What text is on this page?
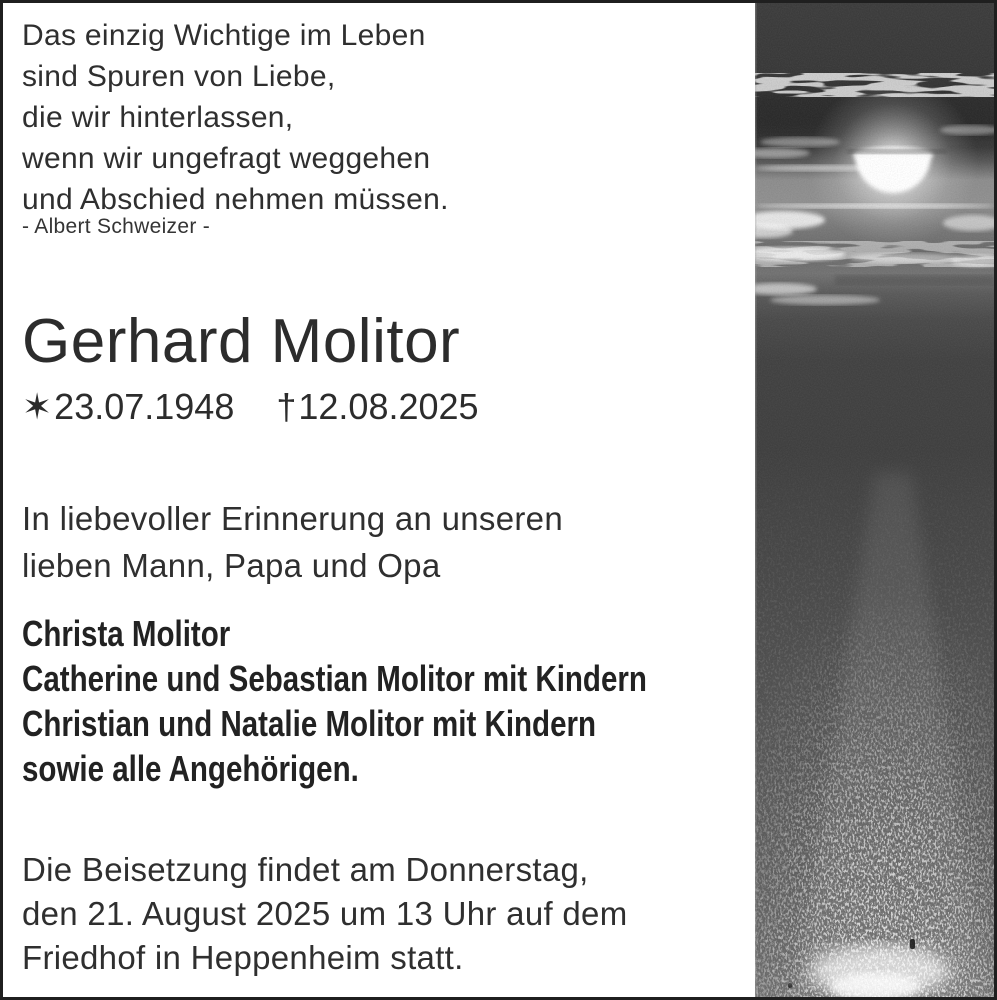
Das einzig Wichtige im Leben
sind Spuren von Liebe,
die wir hinterlassen,
wenn wir ungefragt weggehen
und Abschied nehmen müssen.
- Albert Schweizer -
Gerhard Molitor
✶23.07.1948 †12.08.2025
In liebevoller Erinnerung an unseren
lieben Mann, Papa und Opa
Christa Molitor
Catherine und Sebastian Molitor mit Kindern
Christian und Natalie Molitor mit Kindern
sowie alle Angehörigen.
Die Beisetzung findet am Donnerstag,
den 21. August 2025 um 13 Uhr auf dem
Friedhof in Heppenheim statt.
